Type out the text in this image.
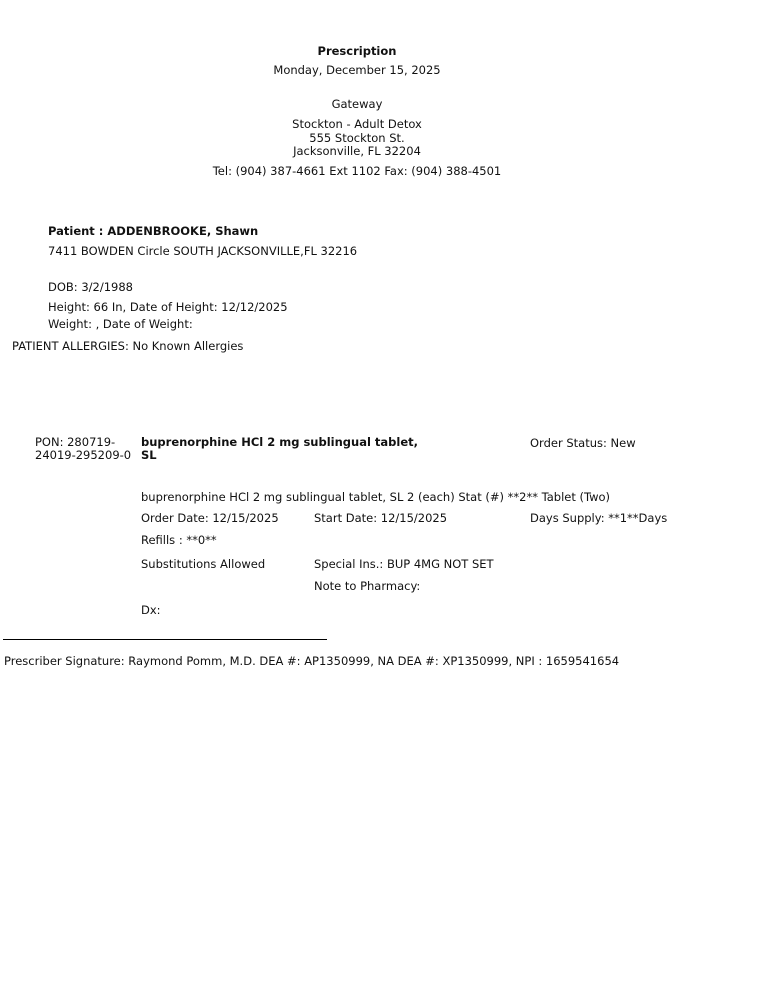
Prescription
Monday, December 15, 2025
Gateway
Stockton - Adult Detox
555 Stockton St.
Jacksonville, FL 32204
Tel: (904) 387-4661 Ext 1102 Fax: (904) 388-4501
Patient : ADDENBROOKE, Shawn
7411 BOWDEN Circle SOUTH JACKSONVILLE,FL 32216
DOB: 3/2/1988
Height: 66 In, Date of Height: 12/12/2025
Weight: , Date of Weight:
PATIENT ALLERGIES: No Known Allergies
PON: 280719-
24019-295209-0
buprenorphine HCl 2 mg sublingual tablet,
SL
Order Status: New
buprenorphine HCl 2 mg sublingual tablet, SL 2 (each) Stat (#) **2** Tablet (Two)
Order Date: 12/15/2025	Start Date: 12/15/2025	Days Supply: **1**Days
Refills : **0**
Substitutions Allowed	Special Ins.: BUP 4MG NOT SET
Note to Pharmacy:
Dx:
Prescriber Signature: Raymond Pomm, M.D. DEA #: AP1350999, NA DEA #: XP1350999, NPI : 1659541654
